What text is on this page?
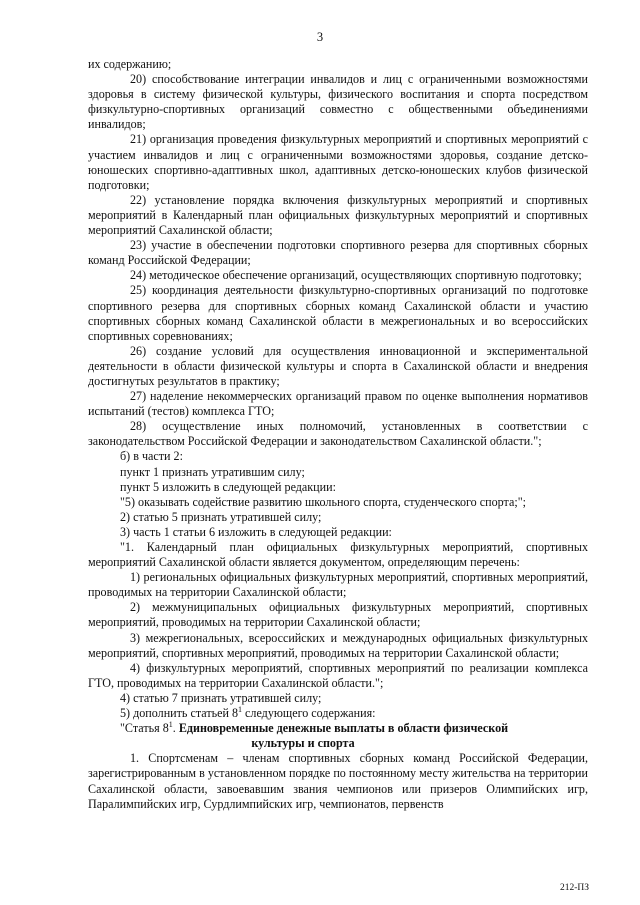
3

их содержанию;

20) способствование интеграции инвалидов и лиц с ограниченными возможностями здоровья в систему физической культуры, физического воспитания и спорта посредством физкультурно-спортивных организаций совместно с общественными объединениями инвалидов;

21) организация проведения физкультурных мероприятий и спортивных мероприятий с участием инвалидов и лиц с ограниченными возможностями здоровья, создание детско-юношеских спортивно-адаптивных школ, адаптивных детско-юношеских клубов физической подготовки;

22) установление порядка включения физкультурных мероприятий и спортивных мероприятий в Календарный план официальных физкультурных мероприятий и спортивных мероприятий Сахалинской области;

23) участие в обеспечении подготовки спортивного резерва для спортивных сборных команд Российской Федерации;

24) методическое обеспечение организаций, осуществляющих спортивную подготовку;

25) координация деятельности физкультурно-спортивных организаций по подготовке спортивного резерва для спортивных сборных команд Сахалинской области и участию спортивных сборных команд Сахалинской области в межрегиональных и во всероссийских спортивных соревнованиях;

26) создание условий для осуществления инновационной и экспериментальной деятельности в области физической культуры и спорта в Сахалинской области и внедрения достигнутых результатов в практику;

27) наделение некоммерческих организаций правом по оценке выполнения нормативов испытаний (тестов) комплекса ГТО;

28) осуществление иных полномочий, установленных в соответствии с законодательством Российской Федерации и законодательством Сахалинской области.";

б) в части 2:

пункт 1 признать утратившим силу;

пункт 5 изложить в следующей редакции:

"5) оказывать содействие развитию школьного спорта, студенческого спорта;";

2) статью 5 признать утратившей силу;

3) часть 1 статьи 6 изложить в следующей редакции:

"1. Календарный план официальных физкультурных мероприятий, спортивных мероприятий Сахалинской области является документом, определяющим перечень:

1) региональных официальных физкультурных мероприятий, спортивных мероприятий, проводимых на территории Сахалинской области;

2) межмуниципальных официальных физкультурных мероприятий, спортивных мероприятий, проводимых на территории Сахалинской области;

3) межрегиональных, всероссийских и международных официальных физкультурных мероприятий, спортивных мероприятий, проводимых на территории Сахалинской области;

4) физкультурных мероприятий, спортивных мероприятий по реализации комплекса ГТО, проводимых на территории Сахалинской области.";

4) статью 7 признать утратившей силу;

5) дополнить статьей $8^1$ следующего содержания:

"Статья $8^1$. Единовременные денежные выплаты в области физической
культуры и спорта

1. Спортсменам – членам спортивных сборных команд Российской Федерации, зарегистрированным в установленном порядке по постоянному месту жительства на территории Сахалинской области, завоевавшим звания чемпионов или призеров Олимпийских игр, Паралимпийских игр, Сурдлимпийских игр, чемпионатов, первенств

212-ПЗ
